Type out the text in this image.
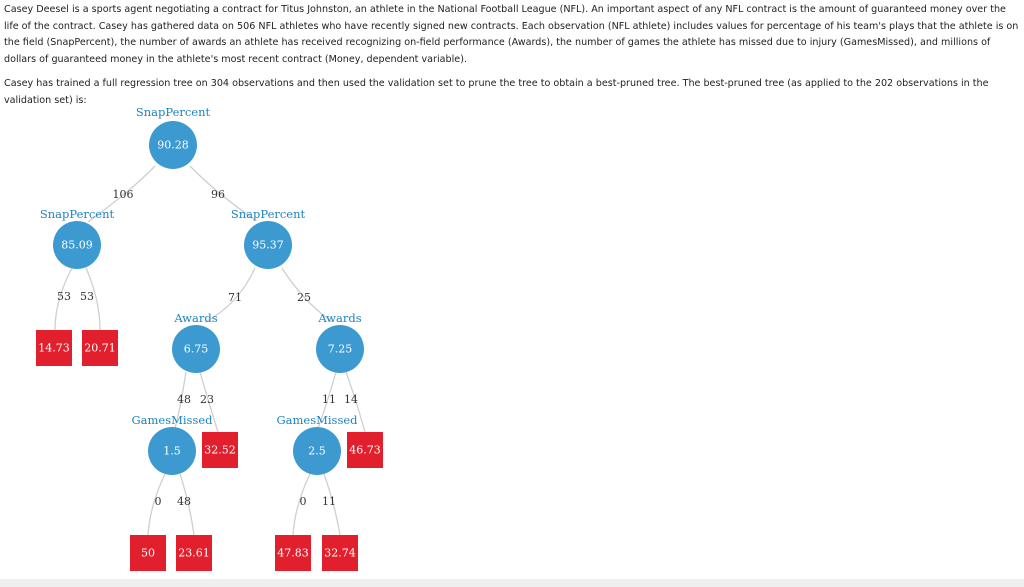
Casey Deesel is a sports agent negotiating a contract for Titus Johnston, an athlete in the National Football League (NFL). An important aspect of any NFL contract is the amount of guaranteed money over the life of the contract. Casey has gathered data on 506 NFL athletes who have recently signed new contracts. Each observation (NFL athlete) includes values for percentage of his team's plays that the athlete is on the field (SnapPercent), the number of awards an athlete has received recognizing on-field performance (Awards), the number of games the athlete has missed due to injury (GamesMissed), and millions of dollars of guaranteed money in the athlete's most recent contract (Money, dependent variable).

Casey has trained a full regression tree on 304 observations and then used the validation set to prune the tree to obtain a best-pruned tree. The best-pruned tree (as applied to the 202 observations in the validation set) is:

SnapPercent
90.28
106	96
SnapPercent
85.09
53 53
SnapPercent
95.37
71	25
14.73 20.71
Awards
6.75
48 23
Awards
7.25
11 14
GamesMissed
1.5 32.52
0 48
GamesMissed
2.5 46.73
0 11
50 23.61	47.83 32.74
